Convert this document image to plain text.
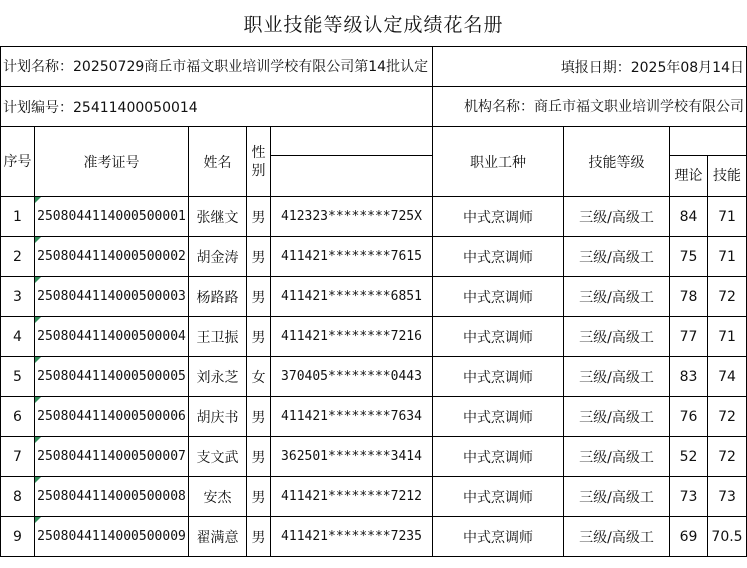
职业技能等级认定成绩花名册
计划名称：20250729商丘市福文职业培训学校有限公司第14批认定					填报日期：2025年08月14日			
计划编号：25411400050014					机构名称：商丘市福文职业培训学校有限公司			
序号	准考证号	姓名	性别		职业工种	技能等级		
							理论	技能
1	2508044114000500001	张继文	男	412323********725X	中式烹调师	三级/高级工	84	71
2	2508044114000500002	胡金涛	男	411421********7615	中式烹调师	三级/高级工	75	71
3	2508044114000500003	杨路路	男	411421********6851	中式烹调师	三级/高级工	78	72
4	2508044114000500004	王卫振	男	411421********7216	中式烹调师	三级/高级工	77	71
5	2508044114000500005	刘永芝	女	370405********0443	中式烹调师	三级/高级工	83	74
6	2508044114000500006	胡庆书	男	411421********7634	中式烹调师	三级/高级工	76	72
7	2508044114000500007	支文武	男	362501********3414	中式烹调师	三级/高级工	52	72
8	2508044114000500008	安杰	男	411421********7212	中式烹调师	三级/高级工	73	73
9	2508044114000500009	翟满意	男	411421********7235	中式烹调师	三级/高级工	69	70.5
